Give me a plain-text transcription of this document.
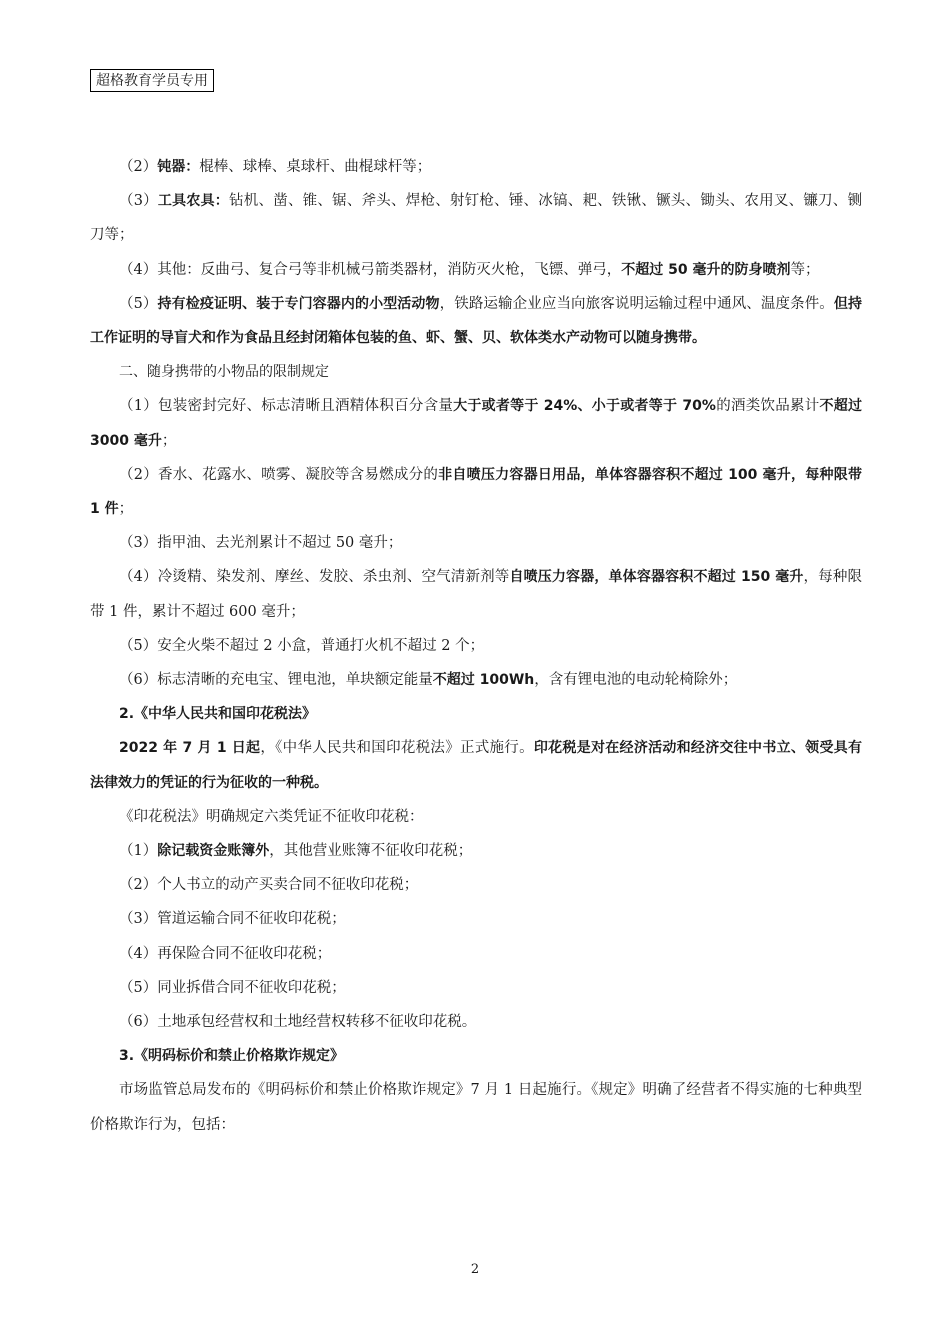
超格教育学员专用

（2）钝器：棍棒、球棒、桌球杆、曲棍球杆等；

（3）工具农具：钻机、凿、锥、锯、斧头、焊枪、射钉枪、锤、冰镐、耙、铁锹、镢头、锄头、农用叉、镰刀、铡刀等；

（4）其他：反曲弓、复合弓等非机械弓箭类器材，消防灭火枪，飞镖、弹弓，不超过 50 毫升的防身喷剂等；

（5）持有检疫证明、装于专门容器内的小型活动物，铁路运输企业应当向旅客说明运输过程中通风、温度条件。但持工作证明的导盲犬和作为食品且经封闭箱体包装的鱼、虾、蟹、贝、软体类水产动物可以随身携带。

二、随身携带的小物品的限制规定

（1）包装密封完好、标志清晰且酒精体积百分含量大于或者等于 24%、小于或者等于 70%的酒类饮品累计不超过 3000 毫升；

（2）香水、花露水、喷雾、凝胶等含易燃成分的非自喷压力容器日用品，单体容器容积不超过 100 毫升，每种限带 1 件；

（3）指甲油、去光剂累计不超过 50 毫升；

（4）冷烫精、染发剂、摩丝、发胶、杀虫剂、空气清新剂等自喷压力容器，单体容器容积不超过 150 毫升，每种限带 1 件，累计不超过 600 毫升；

（5）安全火柴不超过 2 小盒，普通打火机不超过 2 个；

（6）标志清晰的充电宝、锂电池，单块额定能量不超过 100Wh，含有锂电池的电动轮椅除外；

2.《中华人民共和国印花税法》

2022 年 7 月 1 日起，《中华人民共和国印花税法》正式施行。印花税是对在经济活动和经济交往中书立、领受具有法律效力的凭证的行为征收的一种税。

《印花税法》明确规定六类凭证不征收印花税：

（1）除记载资金账簿外，其他营业账簿不征收印花税；

（2）个人书立的动产买卖合同不征收印花税；

（3）管道运输合同不征收印花税；

（4）再保险合同不征收印花税；

（5）同业拆借合同不征收印花税；

（6）土地承包经营权和土地经营权转移不征收印花税。

3.《明码标价和禁止价格欺诈规定》

市场监管总局发布的《明码标价和禁止价格欺诈规定》7 月 1 日起施行。《规定》明确了经营者不得实施的七种典型价格欺诈行为，包括：

2
